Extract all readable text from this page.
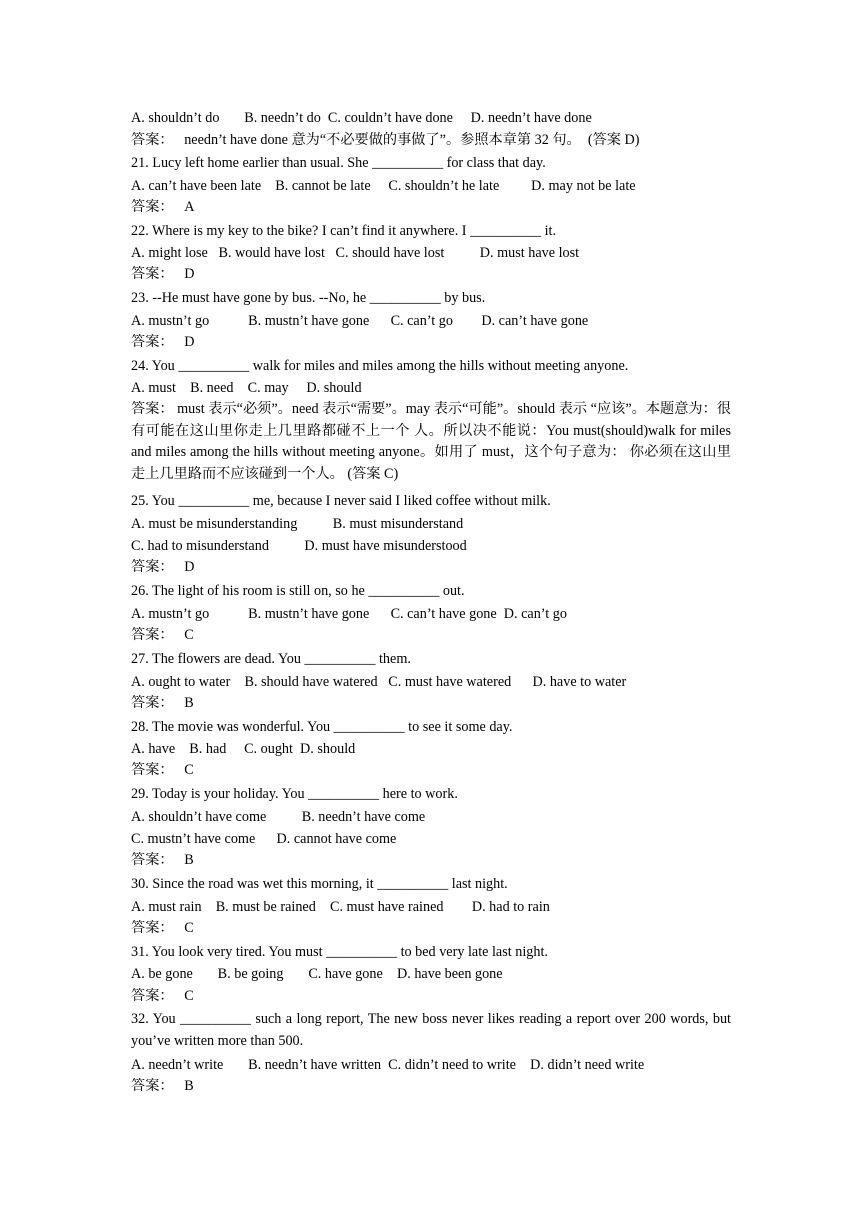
A. shouldn’t do       B. needn’t do  C. couldn’t have done     D. needn’t have done
答案：   needn’t have done 意为“不必要做的事做了”。参照本章第 32 句。  (答案 D)
21. Lucy left home earlier than usual. She __________ for class that day.
A. can’t have been late    B. cannot be late     C. shouldn’t he late         D. may not be late
答案：   A
22. Where is my key to the bike? I can’t find it anywhere. I __________ it.
A. might lose   B. would have lost   C. should have lost          D. must have lost
答案：   D
23. --He must have gone by bus. --No, he __________ by bus.
A. mustn’t go           B. mustn’t have gone      C. can’t go        D. can’t have gone
答案：   D
24. You __________ walk for miles and miles among the hills without meeting anyone.
A. must    B. need    C. may     D. should
答案： must 表示“必须”。need 表示“需要”。may 表示“可能”。should 表示 “应该”。本题意为：很有可能在这山里你走上几里路都碰不上一个 人。所以决不能说：You must(should)walk for miles and miles among the hills without meeting anyone。如用了 must，这个句子意为： 你必须在这山里走上几里路而不应该碰到一个人。 (答案 C)
25. You __________ me, because I never said I liked coffee without milk.
A. must be misunderstanding          B. must misunderstand
C. had to misunderstand          D. must have misunderstood
答案：   D
26. The light of his room is still on, so he __________ out.
A. mustn’t go           B. mustn’t have gone      C. can’t have gone  D. can’t go
答案：   C
27. The flowers are dead. You __________ them.
A. ought to water    B. should have watered   C. must have watered      D. have to water
答案：   B
28. The movie was wonderful. You __________ to see it some day.
A. have    B. had     C. ought  D. should
答案：   C
29. Today is your holiday. You __________ here to work.
A. shouldn’t have come          B. needn’t have come
C. mustn’t have come      D. cannot have come
答案：   B
30. Since the road was wet this morning, it __________ last night.
A. must rain    B. must be rained    C. must have rained        D. had to rain
答案：   C
31. You look very tired. You must __________ to bed very late last night.
A. be gone       B. be going       C. have gone    D. have been gone
答案：   C
32. You __________ such a long report, The new boss never likes reading a report over 200 words, but you’ve written more than 500.
A. needn’t write       B. needn’t have written  C. didn’t need to write    D. didn’t need write
答案：   B
